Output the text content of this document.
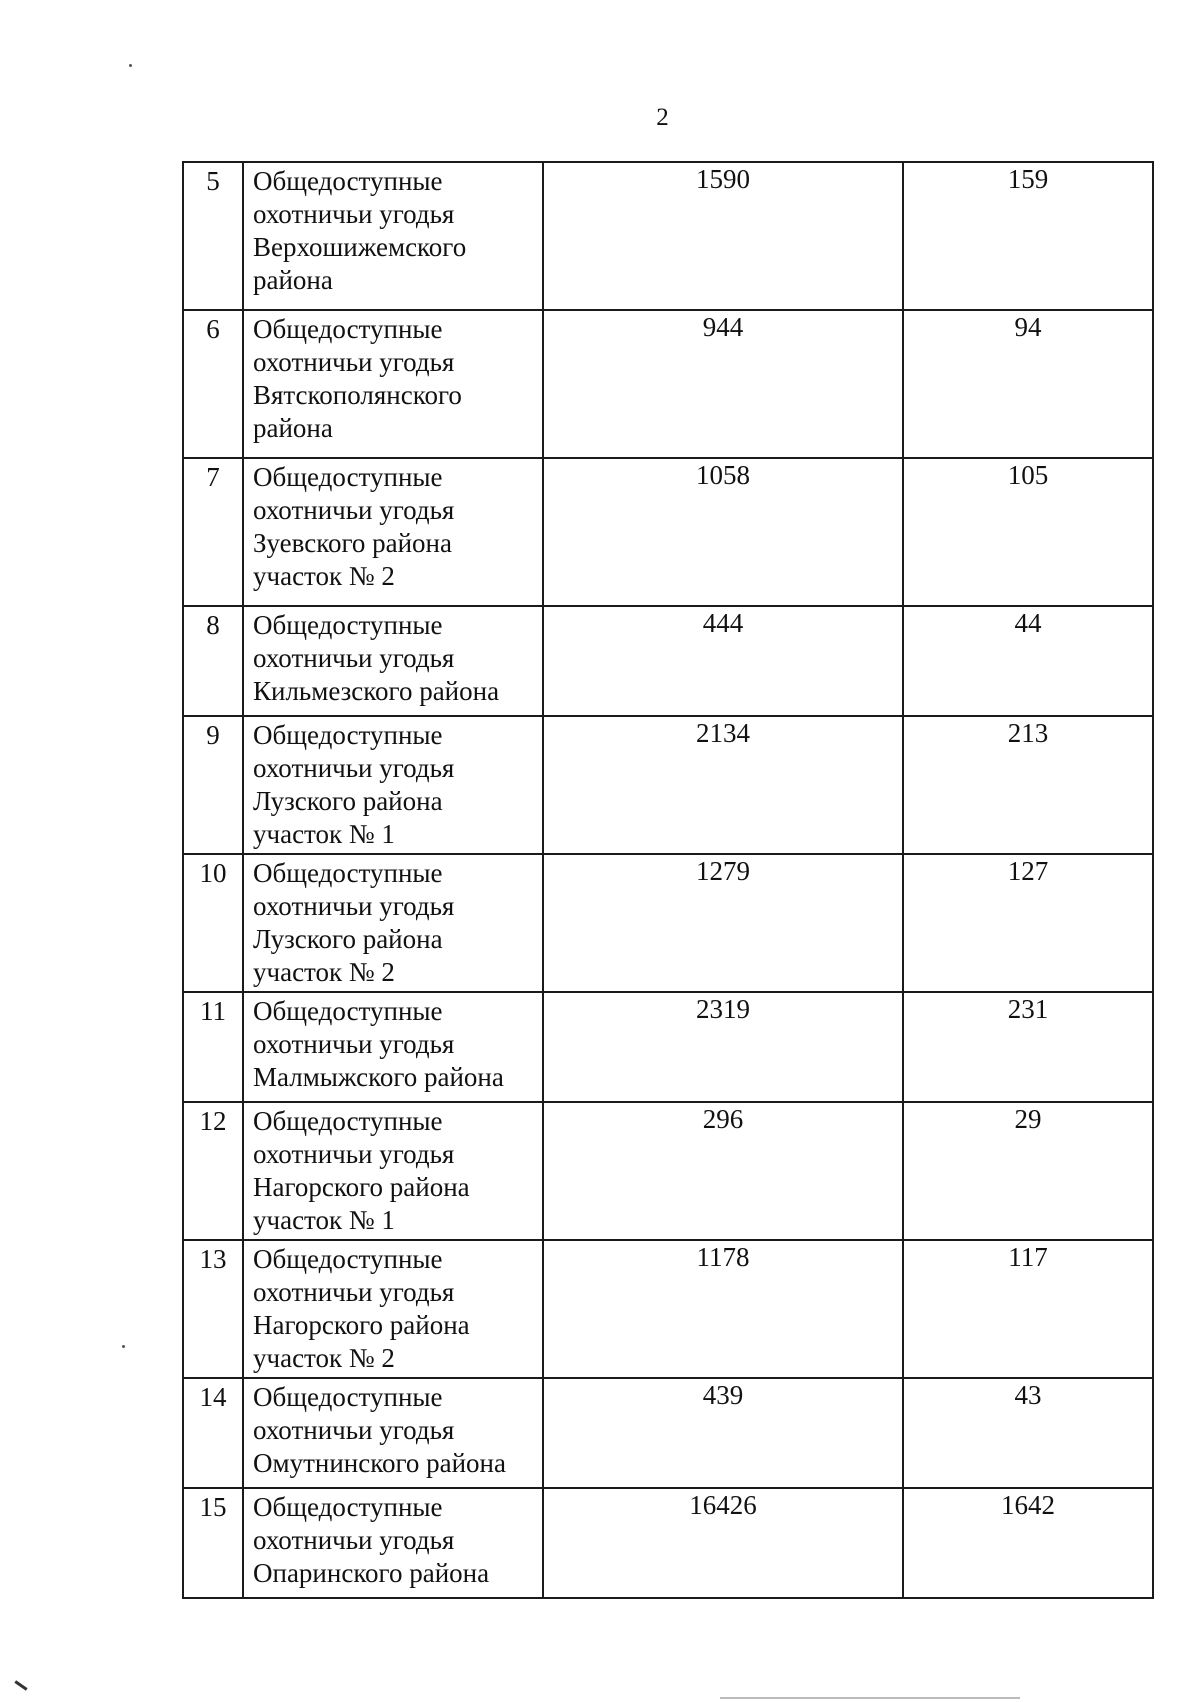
2
5	Общедоступные
охотничьи угодья
Верхошижемского
района	1590	159
6	Общедоступные
охотничьи угодья
Вятскополянского
района	944	94
7	Общедоступные
охотничьи угодья
Зуевского района
участок № 2	1058	105
8	Общедоступные
охотничьи угодья
Кильмезского района	444	44
9	Общедоступные
охотничьи угодья
Лузского района
участок № 1	2134	213
10	Общедоступные
охотничьи угодья
Лузского района
участок № 2	1279	127
11	Общедоступные
охотничьи угодья
Малмыжского района	2319	231
12	Общедоступные
охотничьи угодья
Нагорского района
участок № 1	296	29
13	Общедоступные
охотничьи угодья
Нагорского района
участок № 2	1178	117
14	Общедоступные
охотничьи угодья
Омутнинского района	439	43
15	Общедоступные
охотничьи угодья
Опаринского района	16426	1642
